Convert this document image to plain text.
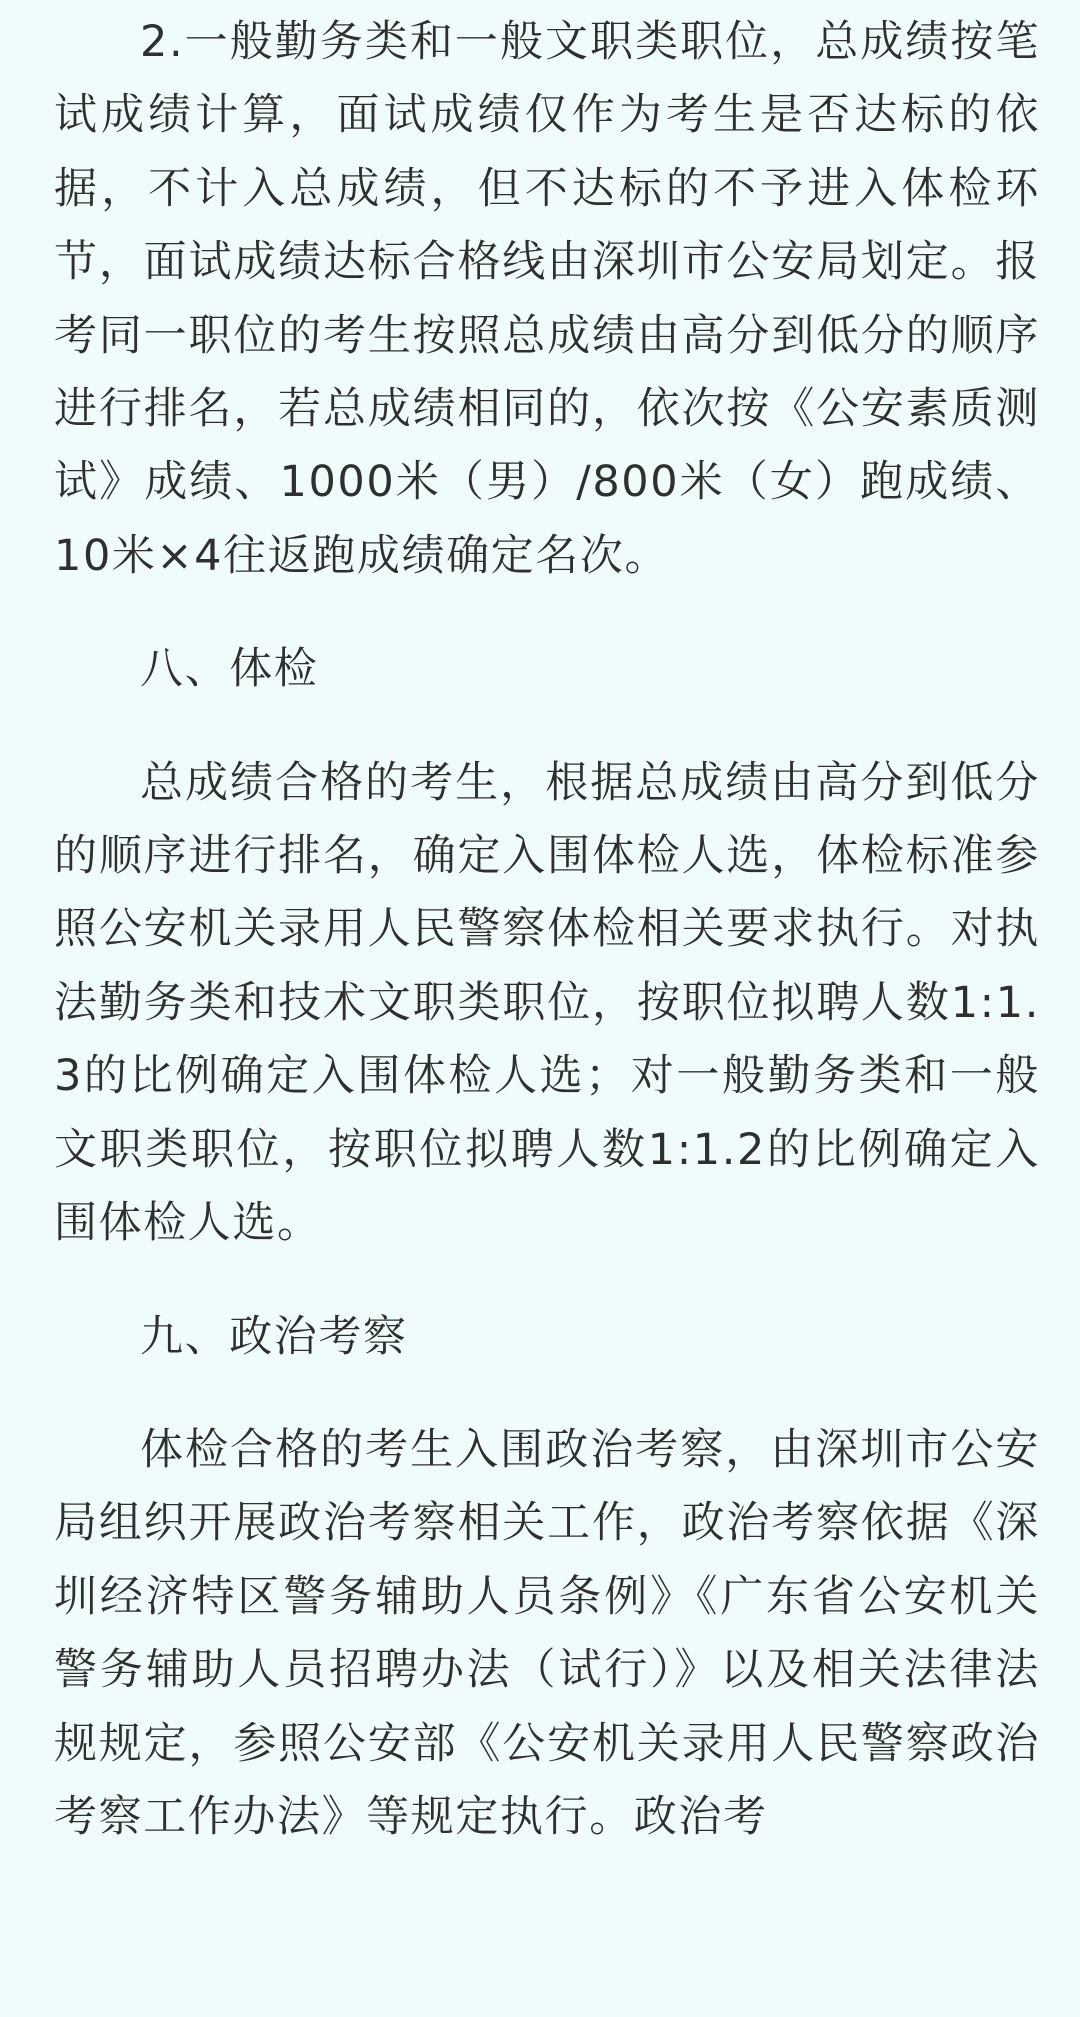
2.一般勤务类和一般文职类职位，总成绩按笔试成绩计算，面试成绩仅作为考生是否达标的依据，不计入总成绩，但不达标的不予进入体检环节，面试成绩达标合格线由深圳市公安局划定。报考同一职位的考生按照总成绩由高分到低分的顺序进行排名，若总成绩相同的，依次按《公安素质测试》成绩、1000米（男）/800米（女）跑成绩、10米×4往返跑成绩确定名次。

八、体检

总成绩合格的考生，根据总成绩由高分到低分的顺序进行排名，确定入围体检人选，体检标准参照公安机关录用人民警察体检相关要求执行。对执法勤务类和技术文职类职位，按职位拟聘人数1:1.3的比例确定入围体检人选；对一般勤务类和一般文职类职位，按职位拟聘人数1:1.2的比例确定入围体检人选。

九、政治考察

体检合格的考生入围政治考察，由深圳市公安局组织开展政治考察相关工作，政治考察依据《深圳经济特区警务辅助人员条例》《广东省公安机关警务辅助人员招聘办法（试行）》以及相关法律法规规定，参照公安部《公安机关录用人民警察政治考察工作办法》等规定执行。政治考
